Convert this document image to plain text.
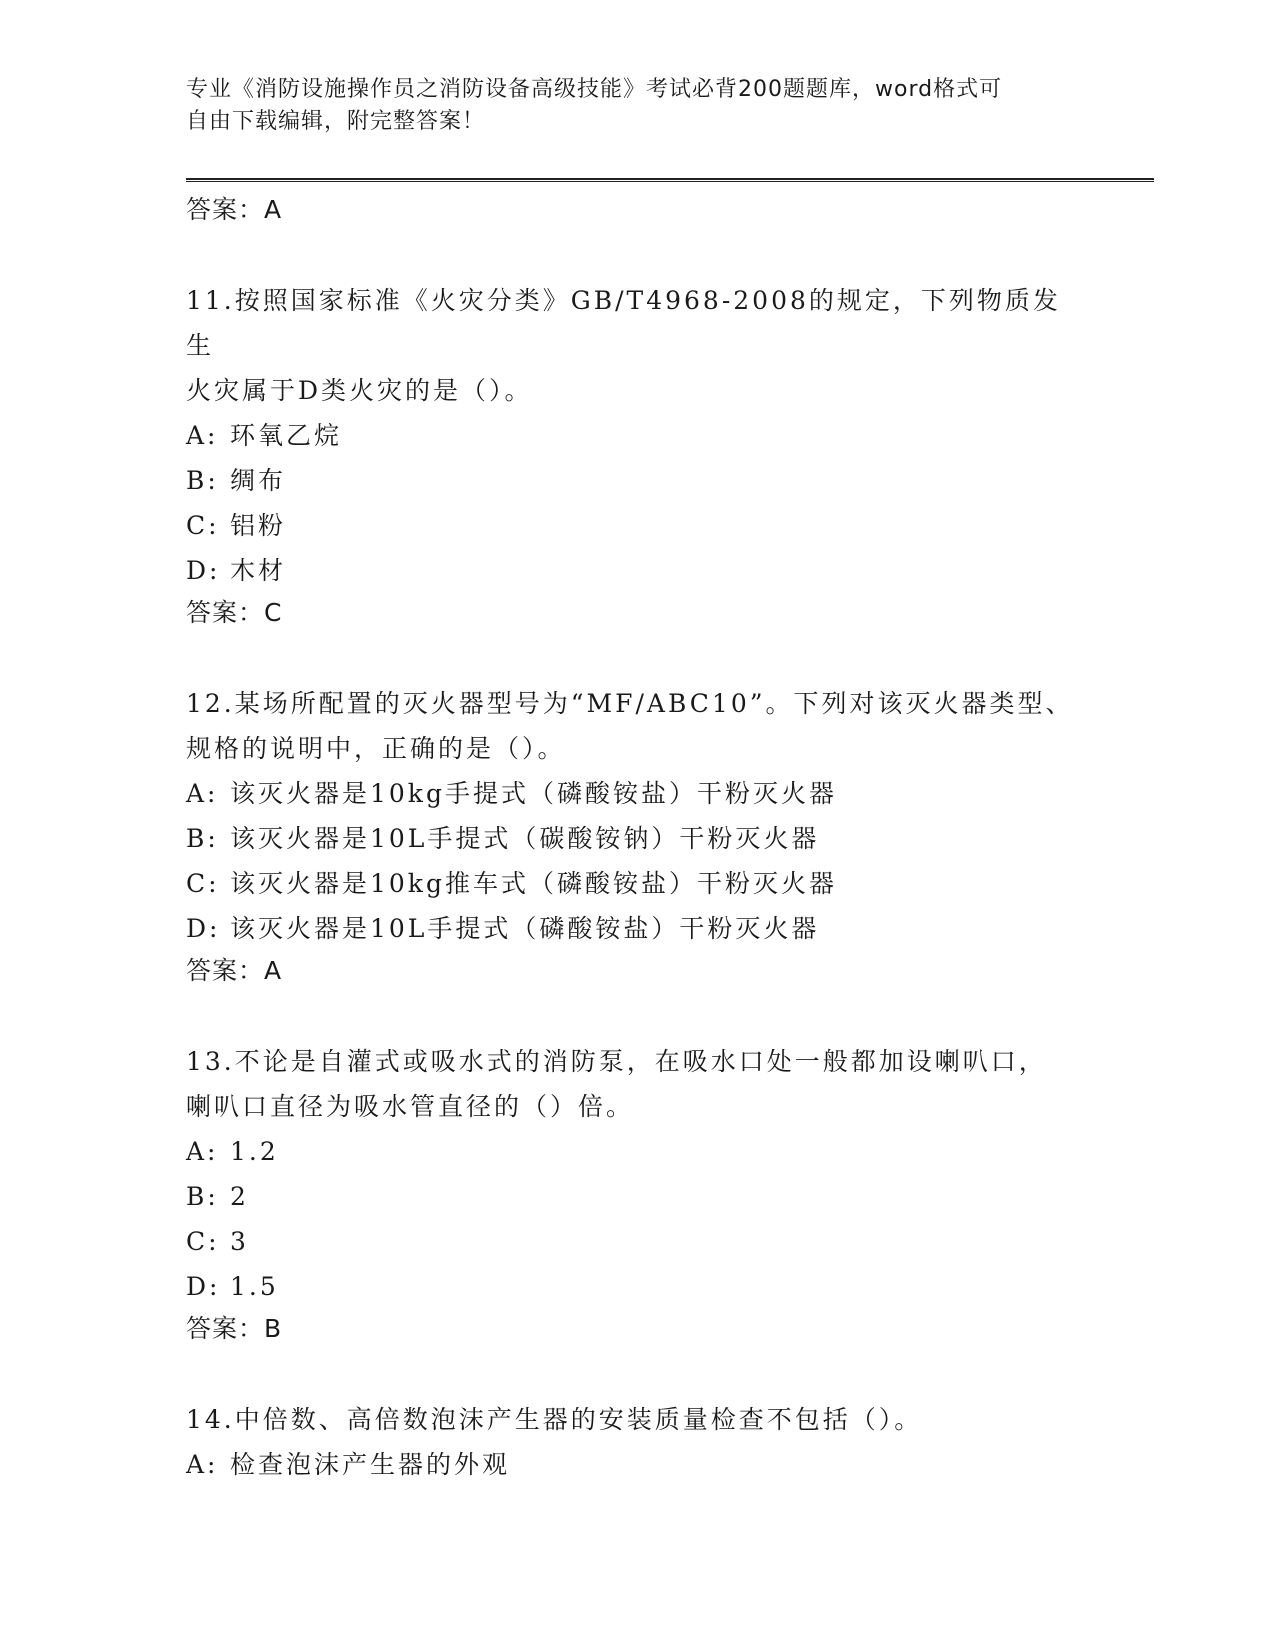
专业《消防设施操作员之消防设备高级技能》考试必背200题题库，word格式可
自由下载编辑，附完整答案！
答案：A
11.按照国家标准《火灾分类》GB/T4968-2008的规定，下列物质发生
火灾属于D类火灾的是（）。
A: 环氧乙烷
B: 绸布
C: 铝粉
D: 木材
答案：C
12.某场所配置的灭火器型号为“MF/ABC10”。下列对该灭火器类型、
规格的说明中，正确的是（）。
A: 该灭火器是10kg手提式（磷酸铵盐）干粉灭火器
B: 该灭火器是10L手提式（碳酸铵钠）干粉灭火器
C: 该灭火器是10kg推车式（磷酸铵盐）干粉灭火器
D: 该灭火器是10L手提式（磷酸铵盐）干粉灭火器
答案：A
13.不论是自灌式或吸水式的消防泵，在吸水口处一般都加设喇叭口，
喇叭口直径为吸水管直径的（）倍。
A: 1.2
B: 2
C: 3
D: 1.5
答案：B
14.中倍数、高倍数泡沫产生器的安装质量检查不包括（）。
A: 检查泡沫产生器的外观
